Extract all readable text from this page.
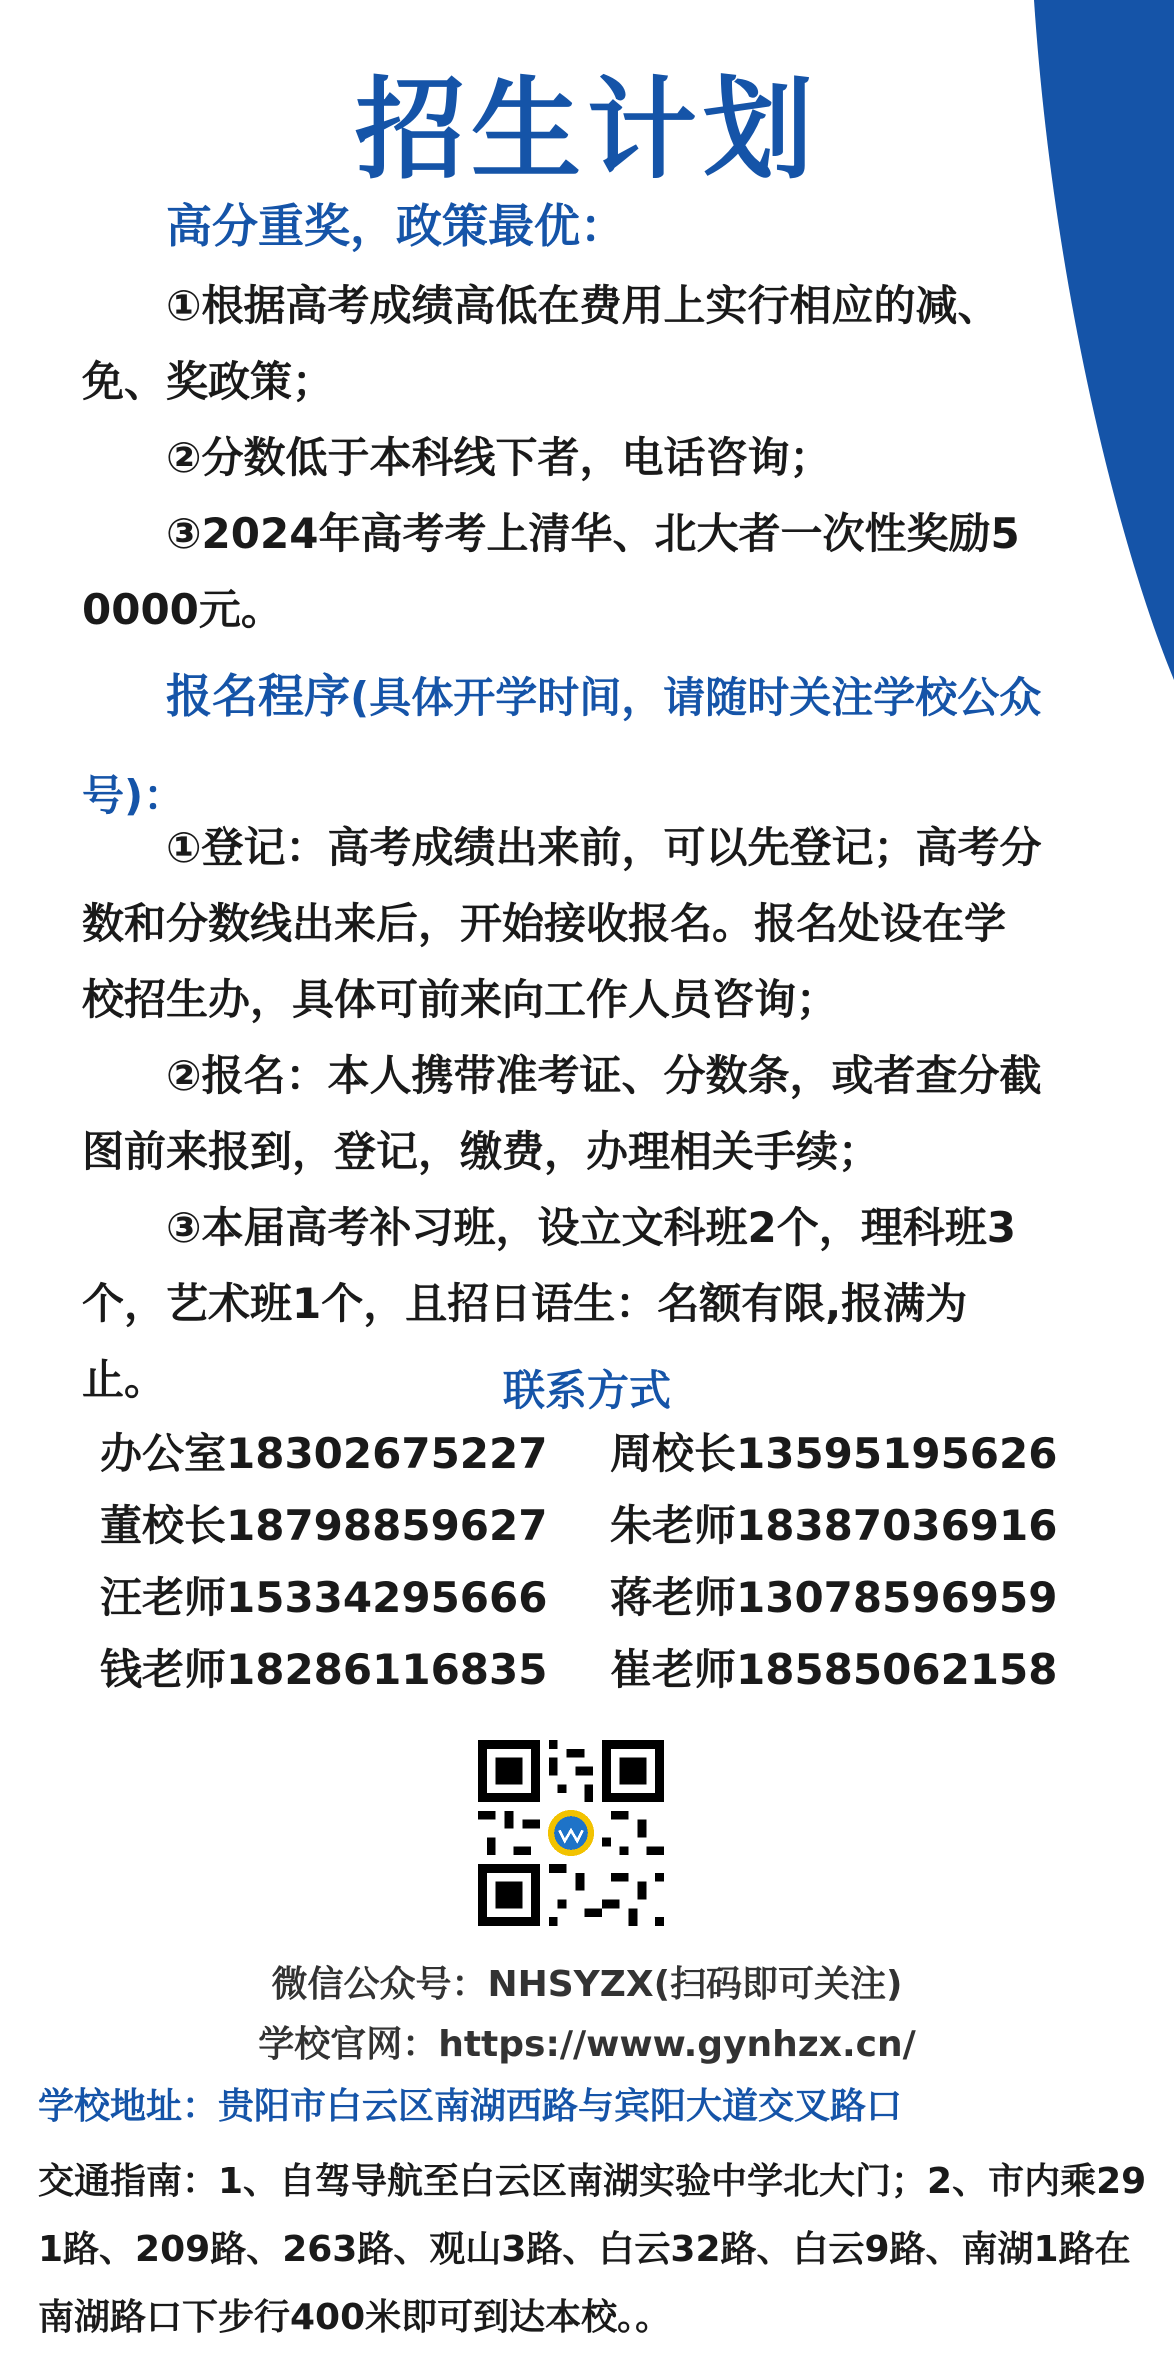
招生计划
高分重奖，政策最优：
①根据高考成绩高低在费用上实行相应的减、免、奖政策；
②分数低于本科线下者，电话咨询；
③2024年高考考上清华、北大者一次性奖励50000元。
报名程序(具体开学时间，请随时关注学校公众号)：
①登记：高考成绩出来前，可以先登记；高考分数和分数线出来后，开始接收报名。报名处设在学校招生办，具体可前来向工作人员咨询；
②报名：本人携带准考证、分数条，或者查分截图前来报到，登记，缴费，办理相关手续；
③本届高考补习班，设立文科班2个，理科班3个，艺术班1个，且招日语生：名额有限,报满为止。	联系方式
办公室18302675227	周校长13595195626
董校长18798859627	朱老师18387036916
汪老师15334295666	蒋老师13078596959
钱老师18286116835	崔老师18585062158
微信公众号：NHSYZX(扫码即可关注)
学校官网：https://www.gynhzx.cn/
学校地址：贵阳市白云区南湖西路与宾阳大道交叉路口
交通指南：1、自驾导航至白云区南湖实验中学北大门；2、市内乘291路、209路、263路、观山3路、白云32路、白云9路、南湖1路在南湖路口下步行400米即可到达本校。。
